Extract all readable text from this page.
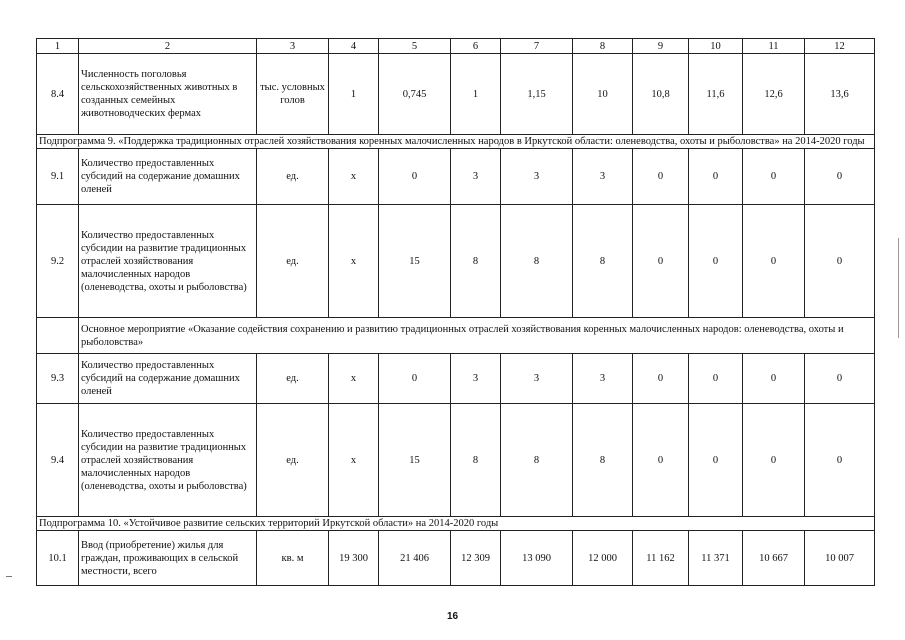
1	2	3	4	5	6	7	8	9	10	11	12
8.4	Численность поголовья сельскохозяйственных животных в созданных семейных животноводческих фермах	тыс. условных голов	1	0,745	1	1,15	10	10,8	11,6	12,6	13,6
Подпрограмма 9. «Поддержка традиционных отраслей хозяйствования коренных малочисленных народов в Иркутской области: оленеводства, охоты и рыболовства» на 2014-2020 годы											
9.1	Количество предоставленных субсидий на содержание домашних оленей	ед.	x	0	3	3	3	0	0	0	0
9.2	Количество предоставленных субсидии на развитие традиционных отраслей хозяйствования малочисленных народов (оленеводства, охоты и рыболовства)	ед.	x	15	8	8	8	0	0	0	0
	Основное мероприятие «Оказание содействия сохранению и развитию традиционных отраслей хозяйствования коренных малочисленных народов: оленеводства, охоты и рыболовства»										
9.3	Количество предоставленных субсидий на содержание домашних оленей	ед.	x	0	3	3	3	0	0	0	0
9.4	Количество предоставленных субсидии на развитие традиционных отраслей хозяйствования малочисленных народов (оленеводства, охоты и рыболовства)	ед.	x	15	8	8	8	0	0	0	0
Подпрограмма 10. «Устойчивое развитие сельских территорий Иркутской области» на 2014-2020 годы											
10.1	Ввод (приобретение) жилья для граждан, проживающих в сельской местности, всего	кв. м	19 300	21 406	12 309	13 090	12 000	11 162	11 371	10 667	10 007
16
